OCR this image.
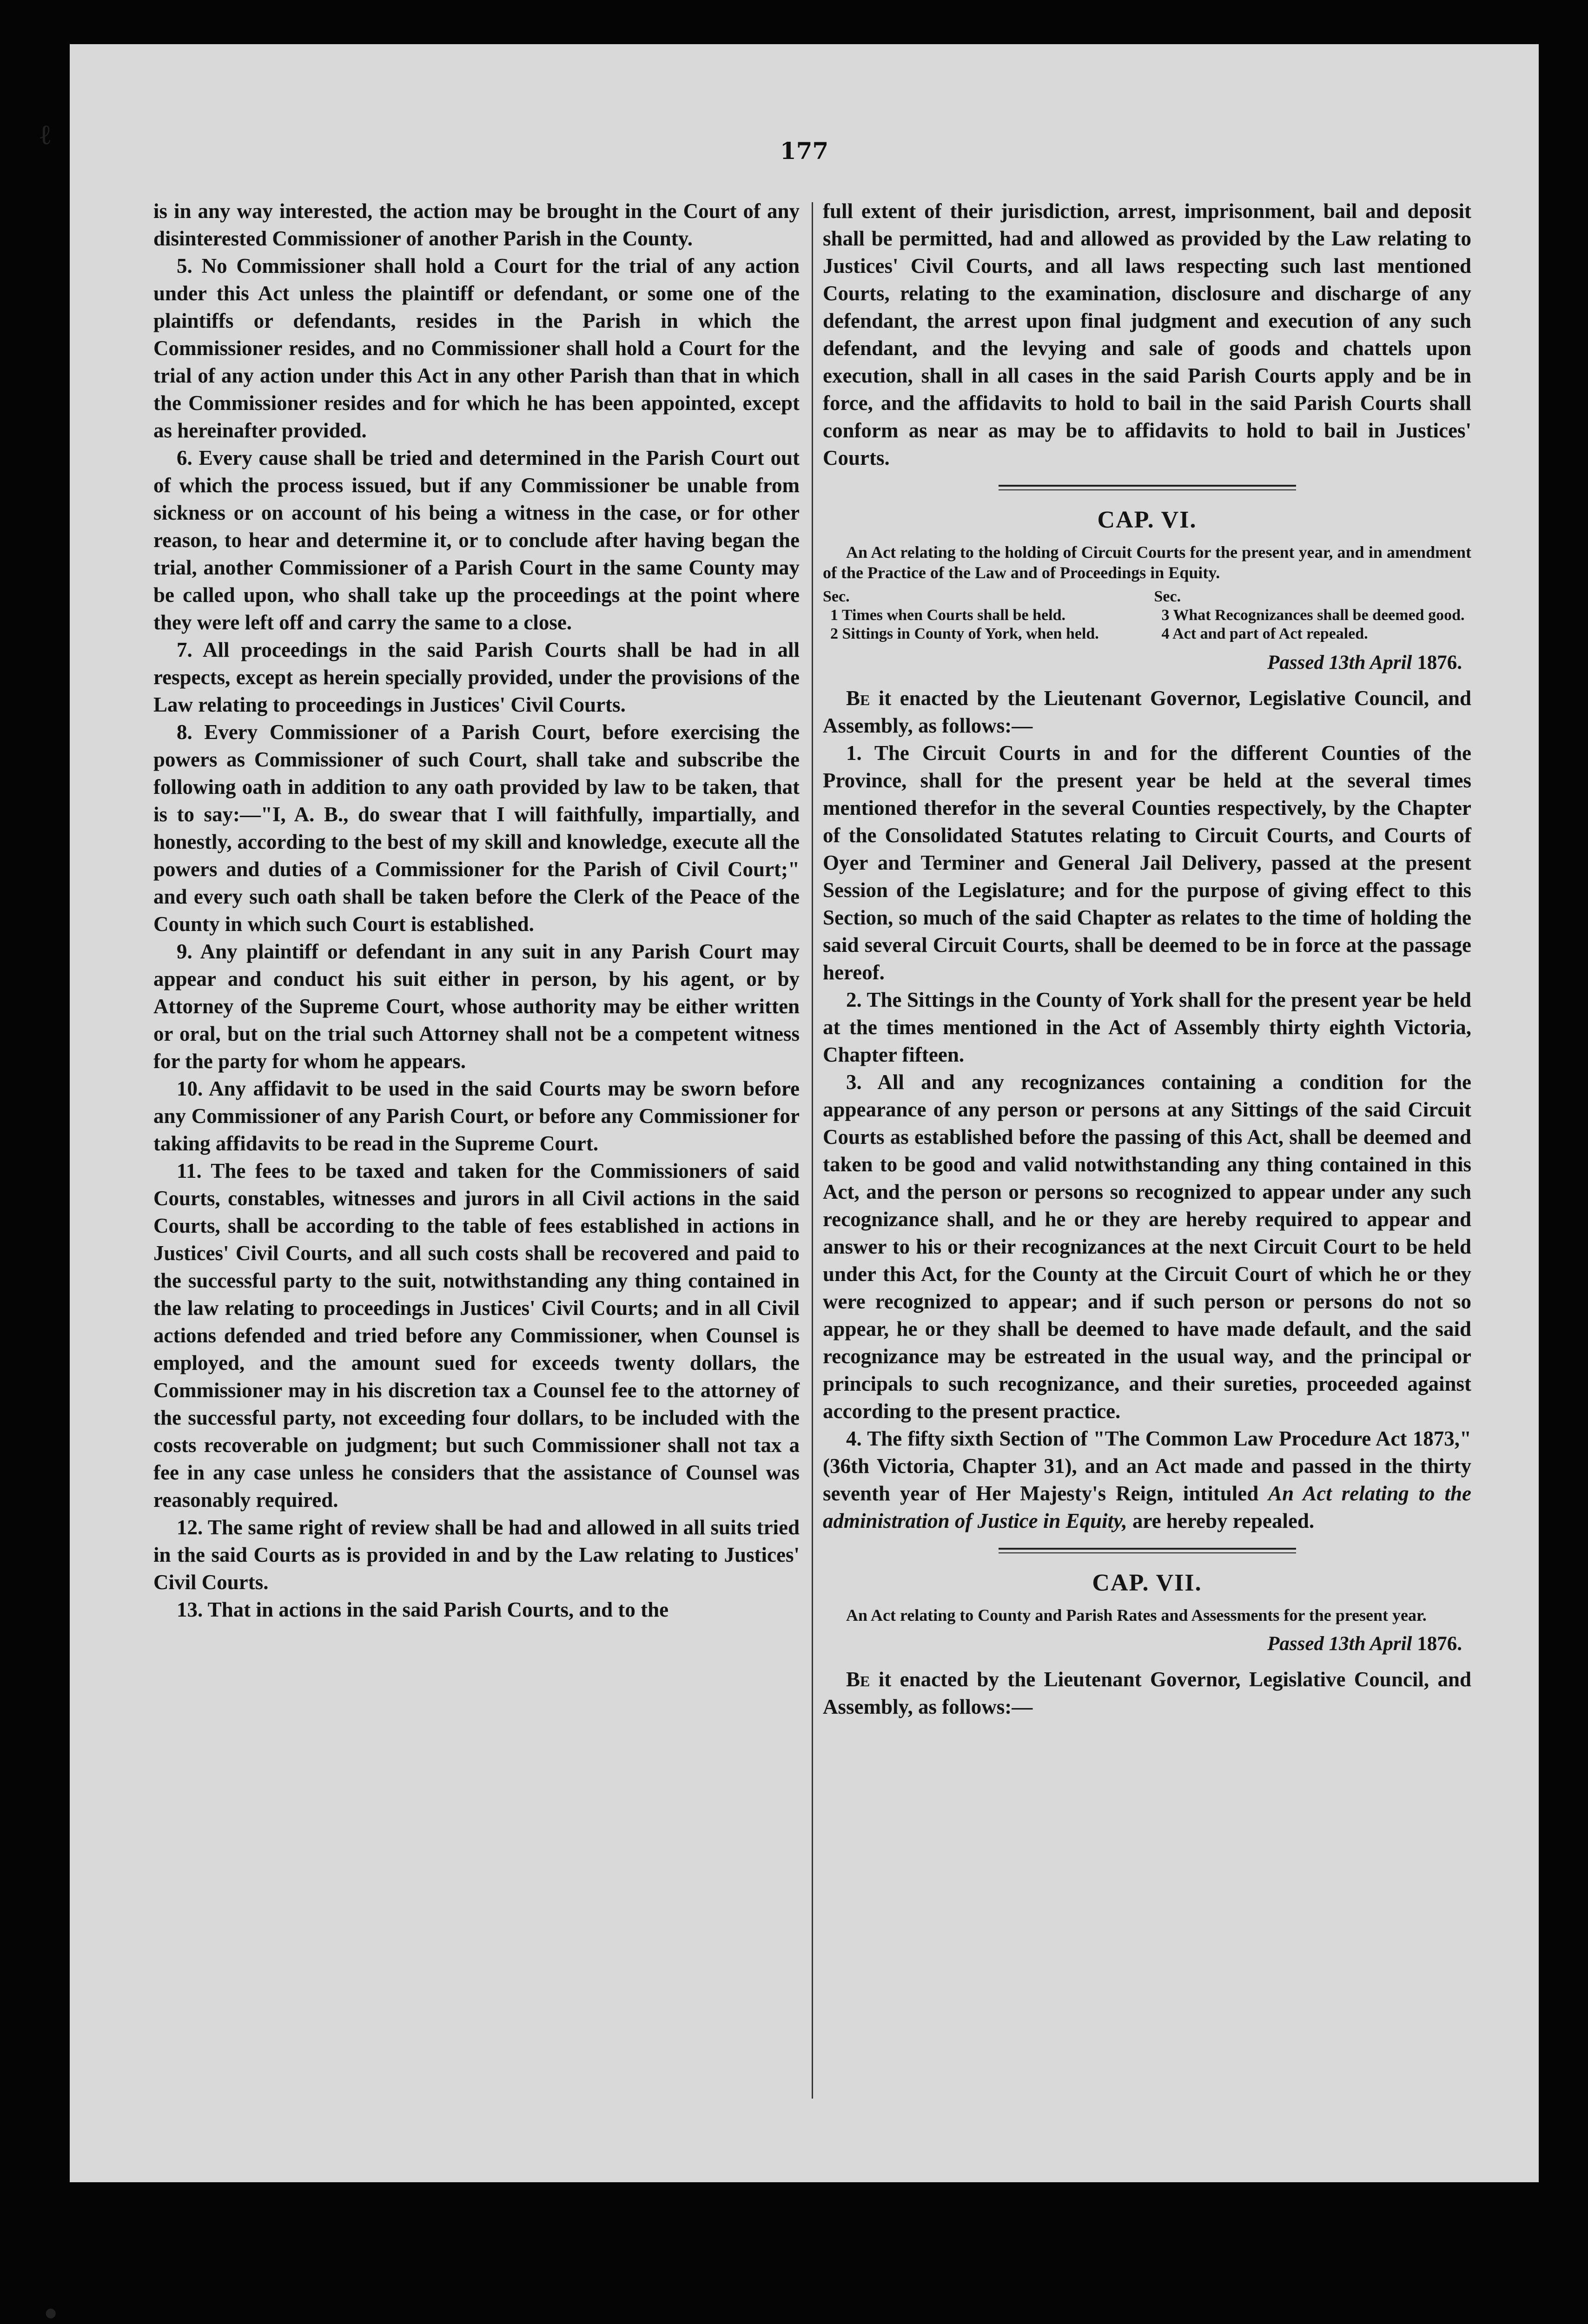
ℓ
•
177

is in any way interested, the action may be brought in the Court of any disinterested Commissioner of another Parish in the County.

5. No Commissioner shall hold a Court for the trial of any action under this Act unless the plaintiff or defendant, or some one of the plaintiffs or defendants, resides in the Parish in which the Commissioner resides, and no Commissioner shall hold a Court for the trial of any action under this Act in any other Parish than that in which the Commissioner resides and for which he has been appointed, except as hereinafter provided.

6. Every cause shall be tried and determined in the Parish Court out of which the process issued, but if any Commissioner be unable from sickness or on account of his being a witness in the case, or for other reason, to hear and determine it, or to conclude after having began the trial, another Commissioner of a Parish Court in the same County may be called upon, who shall take up the proceedings at the point where they were left off and carry the same to a close.

7. All proceedings in the said Parish Courts shall be had in all respects, except as herein specially provided, under the provisions of the Law relating to proceedings in Justices' Civil Courts.

8. Every Commissioner of a Parish Court, before exercising the powers as Commissioner of such Court, shall take and subscribe the following oath in addition to any oath provided by law to be taken, that is to say:—"I, A. B., do swear that I will faithfully, impartially, and honestly, according to the best of my skill and knowledge, execute all the powers and duties of a Commissioner for the Parish of Civil Court;" and every such oath shall be taken before the Clerk of the Peace of the County in which such Court is established.

9. Any plaintiff or defendant in any suit in any Parish Court may appear and conduct his suit either in person, by his agent, or by Attorney of the Supreme Court, whose authority may be either written or oral, but on the trial such Attorney shall not be a competent witness for the party for whom he appears.

10. Any affidavit to be used in the said Courts may be sworn before any Commissioner of any Parish Court, or before any Commissioner for taking affidavits to be read in the Supreme Court.

11. The fees to be taxed and taken for the Commissioners of said Courts, constables, witnesses and jurors in all Civil actions in the said Courts, shall be according to the table of fees established in actions in Justices' Civil Courts, and all such costs shall be recovered and paid to the successful party to the suit, notwithstanding any thing contained in the law relating to proceedings in Justices' Civil Courts; and in all Civil actions defended and tried before any Commissioner, when Counsel is employed, and the amount sued for exceeds twenty dollars, the Commissioner may in his discretion tax a Counsel fee to the attorney of the successful party, not exceeding four dollars, to be included with the costs recoverable on judgment; but such Commissioner shall not tax a fee in any case unless he considers that the assistance of Counsel was reasonably required.

12. The same right of review shall be had and allowed in all suits tried in the said Courts as is provided in and by the Law relating to Justices' Civil Courts.

13. That in actions in the said Parish Courts, and to the

full extent of their jurisdiction, arrest, imprisonment, bail and deposit shall be permitted, had and allowed as provided by the Law relating to Justices' Civil Courts, and all laws respecting such last mentioned Courts, relating to the examination, disclosure and discharge of any defendant, the arrest upon final judgment and execution of any such defendant, and the levying and sale of goods and chattels upon execution, shall in all cases in the said Parish Courts apply and be in force, and the affidavits to hold to bail in the said Parish Courts shall conform as near as may be to affidavits to hold to bail in Justices' Courts.

CAP. VI.
An Act relating to the holding of Circuit Courts for the present year, and in amendment of the Practice of the Law and of Proceedings in Equity.
Sec.
1 Times when Courts shall be held.
2 Sittings in County of York, when held.
Sec.
3 What Recognizances shall be deemed good.
4 Act and part of Act repealed.
Passed 13th April 1876.

Be it enacted by the Lieutenant Governor, Legislative Council, and Assembly, as follows:—

1. The Circuit Courts in and for the different Counties of the Province, shall for the present year be held at the several times mentioned therefor in the several Counties respectively, by the Chapter of the Consolidated Statutes relating to Circuit Courts, and Courts of Oyer and Terminer and General Jail Delivery, passed at the present Session of the Legislature; and for the purpose of giving effect to this Section, so much of the said Chapter as relates to the time of holding the said several Circuit Courts, shall be deemed to be in force at the passage hereof.

2. The Sittings in the County of York shall for the present year be held at the times mentioned in the Act of Assembly thirty eighth Victoria, Chapter fifteen.

3. All and any recognizances containing a condition for the appearance of any person or persons at any Sittings of the said Circuit Courts as established before the passing of this Act, shall be deemed and taken to be good and valid notwithstanding any thing contained in this Act, and the person or persons so recognized to appear under any such recognizance shall, and he or they are hereby required to appear and answer to his or their recognizances at the next Circuit Court to be held under this Act, for the County at the Circuit Court of which he or they were recognized to appear; and if such person or persons do not so appear, he or they shall be deemed to have made default, and the said recognizance may be estreated in the usual way, and the principal or principals to such recognizance, and their sureties, proceeded against according to the present practice.

4. The fifty sixth Section of "The Common Law Procedure Act 1873," (36th Victoria, Chapter 31), and an Act made and passed in the thirty seventh year of Her Majesty's Reign, intituled An Act relating to the administration of Justice in Equity, are hereby repealed.

CAP. VII.
An Act relating to County and Parish Rates and Assessments for the present year.
Passed 13th April 1876.

Be it enacted by the Lieutenant Governor, Legislative Council, and Assembly, as follows:—
